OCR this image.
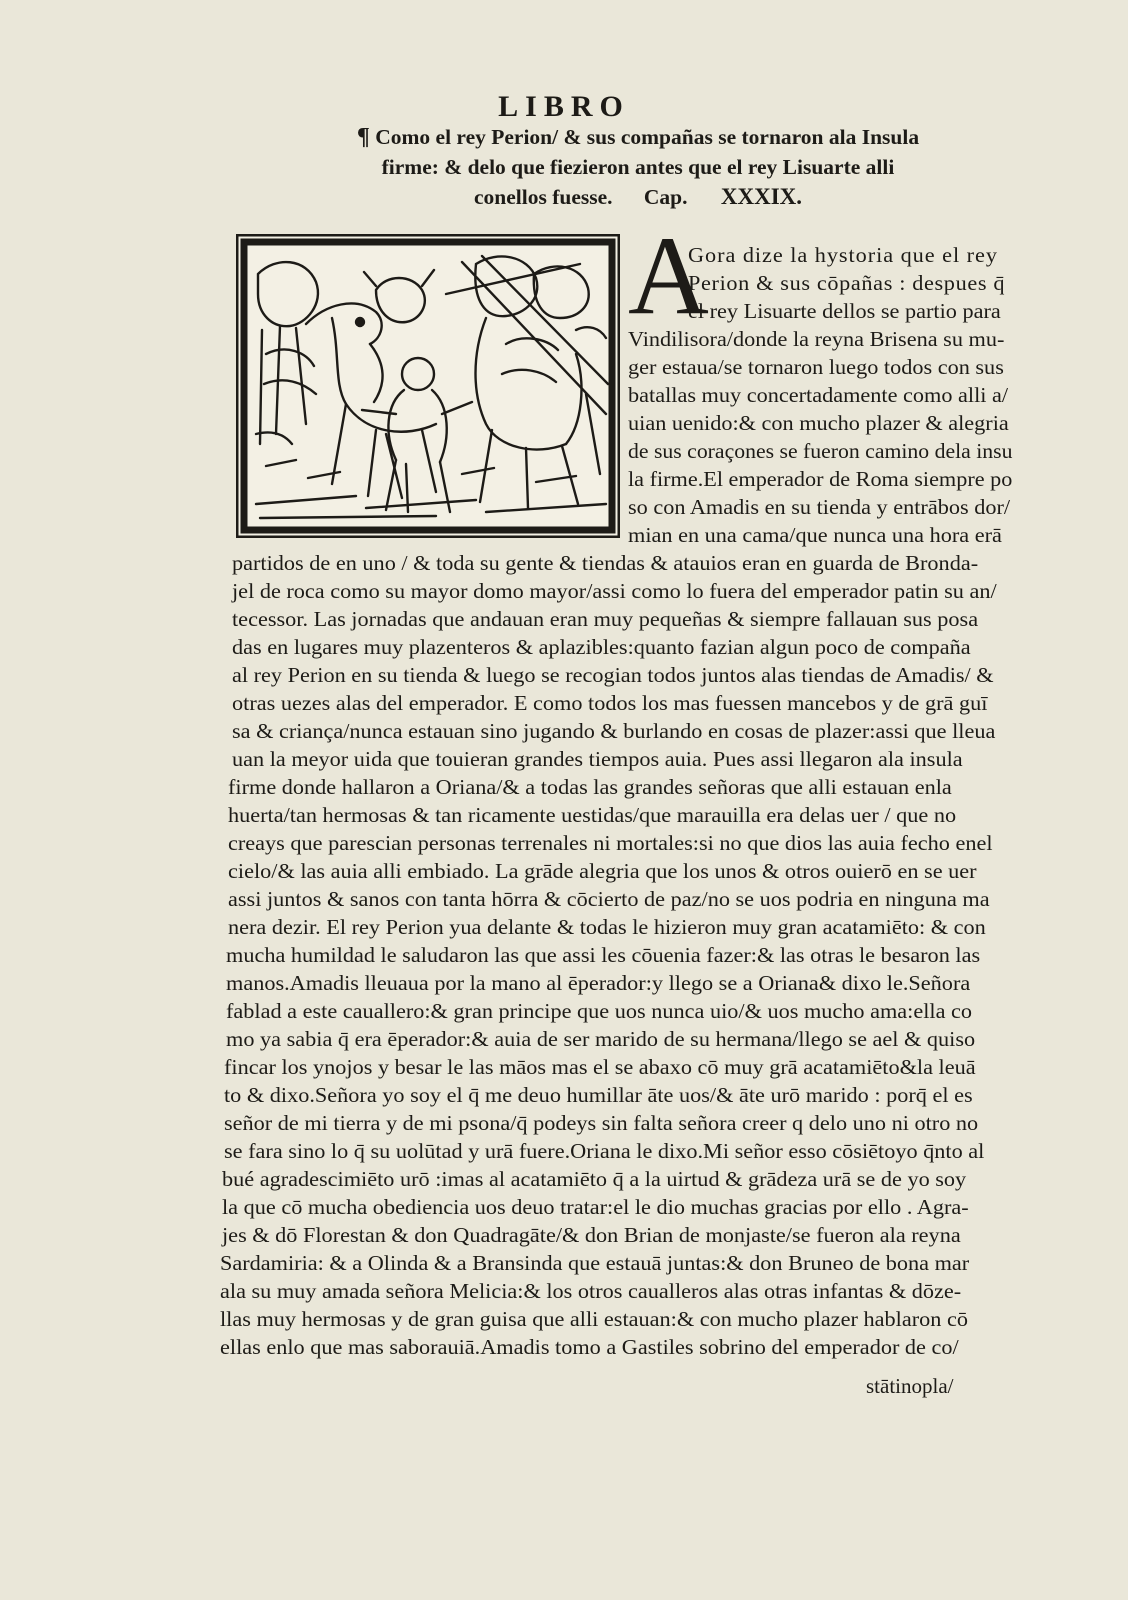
LIBRO
¶ Como el rey Perion/ & sus compañas se tornaron ala Insula
firme: & delo que fiezieron antes que el rey Lisuarte alli
conellos fuesse. Cap. XXXIX.
A
Gora dize la hystoria que el rey
Perion & sus cōpañas : despues q̄
el rey Lisuarte dellos se partio para
Vindilisora/donde la reyna Brisena su mu-
ger estaua/se tornaron luego todos con sus
batallas muy concertadamente como alli a/
uian uenido:& con mucho plazer & alegria
de sus coraçones se fueron camino dela insu
la firme.El emperador de Roma siempre po
so con Amadis en su tienda y entrābos dor/
mian en una cama/que nunca una hora erā
partidos de en uno / & toda su gente & tiendas & atauios eran en guarda de Bronda-
jel de roca como su mayor domo mayor/assi como lo fuera del emperador patin su an/
tecessor. Las jornadas que andauan eran muy pequeñas & siempre fallauan sus posa
das en lugares muy plazenteros & aplazibles:quanto fazian algun poco de compaña
al rey Perion en su tienda & luego se recogian todos juntos alas tiendas de Amadis/ &
otras uezes alas del emperador. E como todos los mas fuessen mancebos y de grā guī
sa & criança/nunca estauan sino jugando & burlando en cosas de plazer:assi que lleua
uan la meyor uida que touieran grandes tiempos auia. Pues assi llegaron ala insula
firme donde hallaron a Oriana/& a todas las grandes señoras que alli estauan enla
huerta/tan hermosas & tan ricamente uestidas/que marauilla era delas uer / que no
creays que parescian personas terrenales ni mortales:si no que dios las auia fecho enel
cielo/& las auia alli embiado. La grāde alegria que los unos & otros ouierō en se uer
assi juntos & sanos con tanta hōrra & cōcierto de paz/no se uos podria en ninguna ma
nera dezir. El rey Perion yua delante & todas le hizieron muy gran acatamiēto: & con
mucha humildad le saludaron las que assi les cōuenia fazer:& las otras le besaron las
manos.Amadis lleuaua por la mano al ēperador:y llego se a Oriana& dixo le.Señora
fablad a este cauallero:& gran principe que uos nunca uio/& uos mucho ama:ella co
mo ya sabia q̄ era ēperador:& auia de ser marido de su hermana/llego se ael & quiso
fincar los ynojos y besar le las māos mas el se abaxo cō muy grā acatamiēto&la leuā
to & dixo.Señora yo soy el q̄ me deuo humillar āte uos/& āte urō marido : porq̄ el es
señor de mi tierra y de mi psona/q̄ podeys sin falta señora creer q delo uno ni otro no
se fara sino lo q̄ su uolūtad y urā fuere.Oriana le dixo.Mi señor esso cōsiētoyo q̄nto al
bué agradescimiēto urō :imas al acatamiēto q̄ a la uirtud & grādeza urā se de yo soy
la que cō mucha obediencia uos deuo tratar:el le dio muchas gracias por ello . Agra-
jes & dō Florestan & don Quadragāte/& don Brian de monjaste/se fueron ala reyna
Sardamiria: & a Olinda & a Bransinda que estauā juntas:& don Bruneo de bona mar
ala su muy amada señora Melicia:& los otros caualleros alas otras infantas & dōze-
llas muy hermosas y de gran guisa que alli estauan:& con mucho plazer hablaron cō
ellas enlo que mas saborauiā.Amadis tomo a Gastiles sobrino del emperador de co/
stātinopla/
